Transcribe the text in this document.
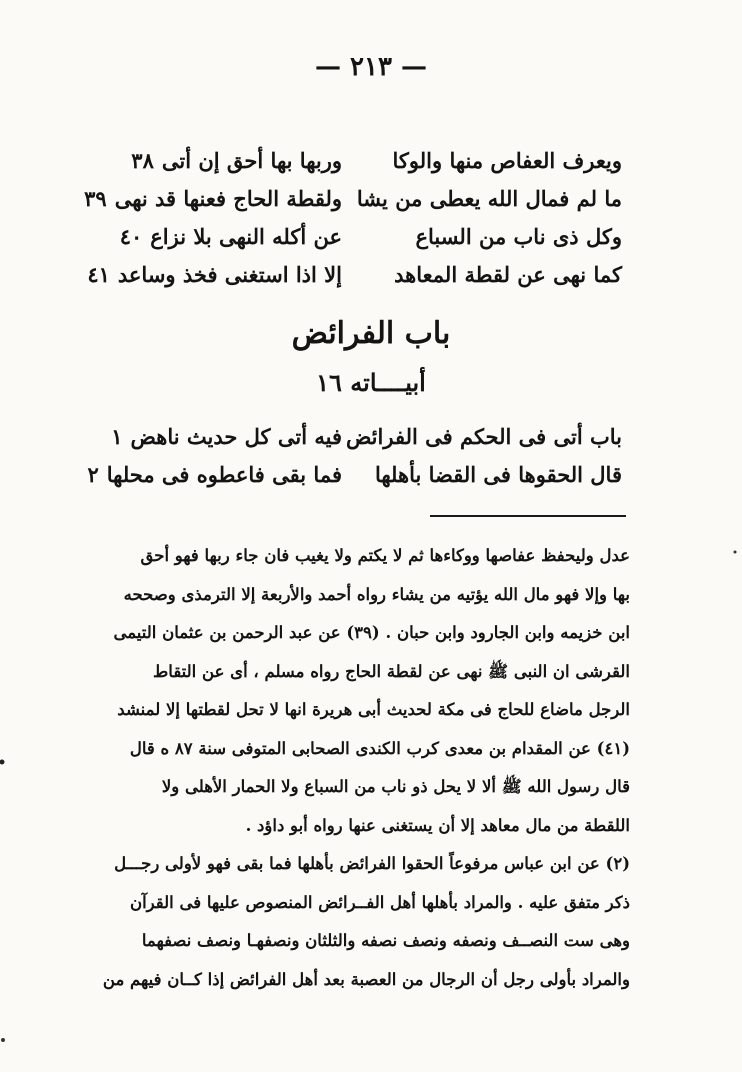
— ٢١٣ —
ويعرف العفاص منها والوكا
وربها بها أحق إن أتى٣٨
ما لم فمال الله يعطى من يشا
ولقطة الحاج فعنها قد نهى٣٩
وكل ذى ناب من السباع
عن أكله النهى بلا نزاع٤٠
كما نهى عن لقطة المعاهد
إلا اذا استغنى فخذ وساعد٤١
باب الفرائض
أبيــــاته ١٦
باب أتى فى الحكم فى الفرائض
فيه أتى كل حديث ناهض١
قال الحقوها فى القضا بأهلها
فما بقى فاعطوه فى محلها٢
عدل وليحفظ عفاصها ووكاءها ثم لا يكتم ولا يغيب فان جاء ربها فهو أحق
بها وإلا فهو مال الله يؤتيه من يشاء رواه أحمد والأربعة إلا الترمذى وصححه
ابن خزيمه وابن الجارود وابن حبان . (٣٩) عن عبد الرحمن بن عثمان التيمى
القرشى ان النبى ﷺ نهى عن لقطة الحاج رواه مسلم ، أى عن التقاط
الرجل ماضاع للحاج فى مكة لحديث أبى هريرة انها لا تحل لقطتها إلا لمنشد
(٤١) عن المقدام بن معدى كرب الكندى الصحابى المتوفى سنة ٨٧ ه قال
قال رسول الله ﷺ ألا لا يحل ذو ناب من السباع ولا الحمار الأهلى ولا
اللقطة من مال معاهد إلا أن يستغنى عنها رواه أبو داؤد .
(٢) عن ابن عباس مرفوعاً الحقوا الفرائض بأهلها فما بقى فهو لأولى رجـــل
ذكر متفق عليه . والمراد بأهلها أهل الفــرائض المنصوص عليها فى القرآن
وهى ست النصــف ونصفه ونصف نصفه والثلثان ونصفهـا ونصف نصفهما
والمراد بأولى رجل أن الرجال من العصبة بعد أهل الفرائض إذا كــان فيهم من
